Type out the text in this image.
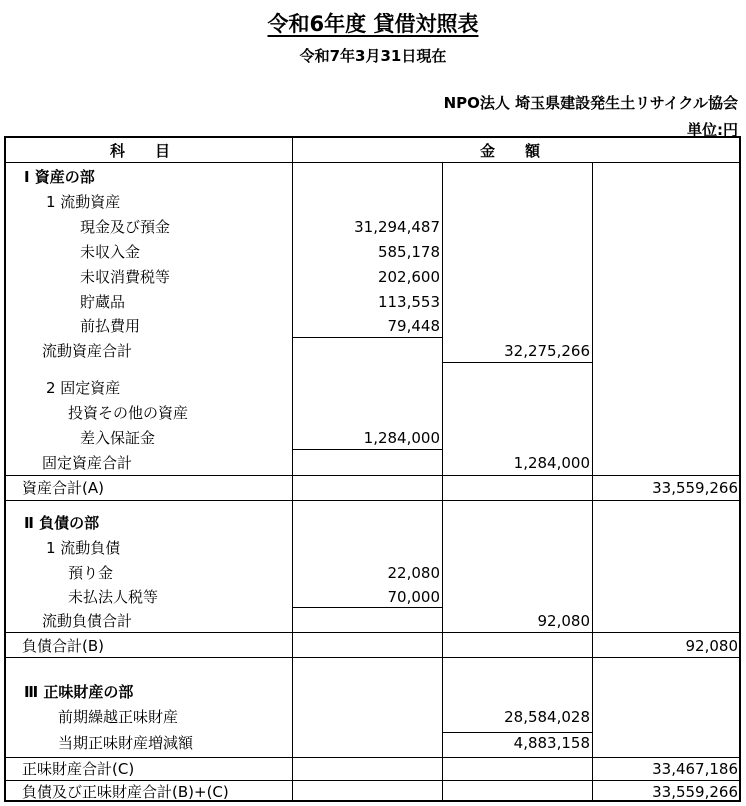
令和6年度 貸借対照表
令和7年3月31日現在
NPO法人 埼玉県建設発生土リサイクル協会
単位:円
科　　目	金　　額
Ⅰ 資産の部
1 流動資産
現金及び預金
未収入金
未収消費税等
貯蔵品
前払費用
流動資産合計
2 固定資産
投資その他の資産
差入保証金
固定資産合計
資産合計(A)
Ⅱ 負債の部
1 流動負債
預り金
未払法人税等
流動負債合計
負債合計(B)
Ⅲ 正味財産の部
前期繰越正味財産
当期正味財産増減額
正味財産合計(C)
負債及び正味財産合計(B)+(C)
31,294,487
585,178
202,600
113,553
79,448
1,284,000
22,080
70,000
32,275,266
1,284,000
92,080
28,584,028
4,883,158
33,559,266
92,080
33,467,186
33,559,266
